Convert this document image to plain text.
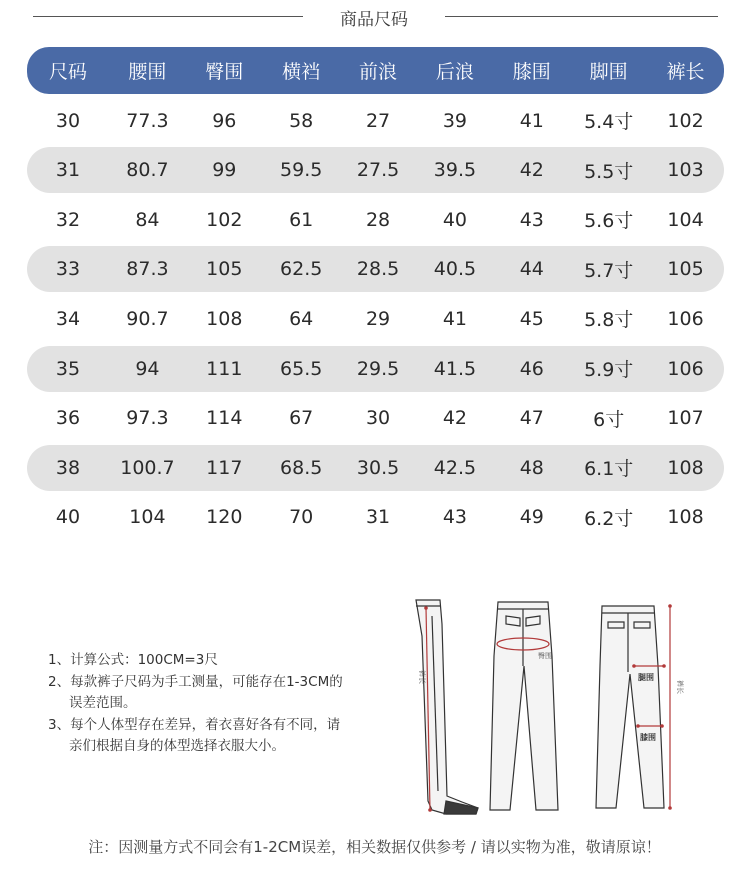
商品尺码
尺码	腰围	臀围	横裆	前浪	后浪	膝围	脚围	裤长
30	77.3	96	58	27	39	41	5.4寸	102
31	80.7	99	59.5	27.5	39.5	42	5.5寸	103
32	84	102	61	28	40	43	5.6寸	104
33	87.3	105	62.5	28.5	40.5	44	5.7寸	105
34	90.7	108	64	29	41	45	5.8寸	106
35	94	111	65.5	29.5	41.5	46	5.9寸	106
36	97.3	114	67	30	42	47	6寸	107
38	100.7	117	68.5	30.5	42.5	48	6.1寸	108
40	104	120	70	31	43	49	6.2寸	108
1、计算公式：100CM=3尺
2、每款裤子尺码为手工测量，可能存在1-3CM的
误差范围。
3、每个人体型存在差异，着衣喜好各有不同，请
亲们根据自身的体型选择衣服大小。
裤长
臀围
腿围
膝围
裤长
注：因测量方式不同会有1-2CM误差，相关数据仅供参考 / 请以实物为准，敬请原谅！
